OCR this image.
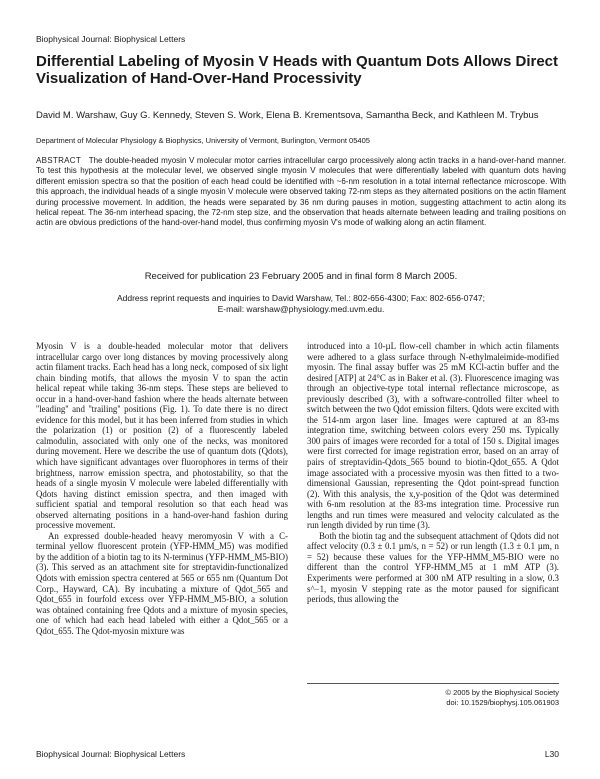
Biophysical Journal: Biophysical Letters
Differential Labeling of Myosin V Heads with Quantum Dots Allows Direct Visualization of Hand-Over-Hand Processivity
David M. Warshaw, Guy G. Kennedy, Steven S. Work, Elena B. Krementsova, Samantha Beck, and Kathleen M. Trybus
Department of Molecular Physiology & Biophysics, University of Vermont, Burlington, Vermont 05405
ABSTRACT The double-headed myosin V molecular motor carries intracellular cargo processively along actin tracks in a hand-over-hand manner. To test this hypothesis at the molecular level, we observed single myosin V molecules that were differentially labeled with quantum dots having different emission spectra so that the position of each head could be identified with ~6-nm resolution in a total internal reflectance microscope. With this approach, the individual heads of a single myosin V molecule were observed taking 72-nm steps as they alternated positions on the actin filament during processive movement. In addition, the heads were separated by 36 nm during pauses in motion, suggesting attachment to actin along its helical repeat. The 36-nm interhead spacing, the 72-nm step size, and the observation that heads alternate between leading and trailing positions on actin are obvious predictions of the hand-over-hand model, thus confirming myosin V's mode of walking along an actin filament.
Received for publication 23 February 2005 and in final form 8 March 2005.
Address reprint requests and inquiries to David Warshaw, Tel.: 802-656-4300; Fax: 802-656-0747;
E-mail: warshaw@physiology.med.uvm.edu.

Myosin V is a double-headed molecular motor that delivers intracellular cargo over long distances by moving processively along actin filament tracks. Each head has a long neck, composed of six light chain binding motifs, that allows the myosin V to span the actin helical repeat while taking 36-nm steps. These steps are believed to occur in a hand-over-hand fashion where the heads alternate between ''leading'' and ''trailing'' positions (Fig. 1). To date there is no direct evidence for this model, but it has been inferred from studies in which the polarization (1) or position (2) of a fluorescently labeled calmodulin, associated with only one of the necks, was monitored during movement. Here we describe the use of quantum dots (Qdots), which have significant advantages over fluorophores in terms of their brightness, narrow emission spectra, and photostability, so that the heads of a single myosin V molecule were labeled differentially with Qdots having distinct emission spectra, and then imaged with sufficient spatial and temporal resolution so that each head was observed alternating positions in a hand-over-hand fashion during processive movement.

An expressed double-headed heavy meromyosin V with a C-terminal yellow fluorescent protein (YFP-HMM_M5) was modified by the addition of a biotin tag to its N-terminus (YFP-HMM_M5-BIO) (3). This served as an attachment site for streptavidin-functionalized Qdots with emission spectra centered at 565 or 655 nm (Quantum Dot Corp., Hayward, CA). By incubating a mixture of Qdot_565 and Qdot_655 in fourfold excess over YFP-HMM_M5-BIO, a solution was obtained containing free Qdots and a mixture of myosin species, one of which had each head labeled with either a Qdot_565 or a Qdot_655. The Qdot-myosin mixture was

introduced into a 10-µL flow-cell chamber in which actin filaments were adhered to a glass surface through N-ethylmaleimide-modified myosin. The final assay buffer was 25 mM KCl-actin buffer and the desired [ATP] at 24°C as in Baker et al. (3). Fluorescence imaging was through an objective-type total internal reflectance microscope, as previously described (3), with a software-controlled filter wheel to switch between the two Qdot emission filters. Qdots were excited with the 514-nm argon laser line. Images were captured at an 83-ms integration time, switching between colors every 250 ms. Typically 300 pairs of images were recorded for a total of 150 s. Digital images were first corrected for image registration error, based on an array of pairs of streptavidin-Qdots_565 bound to biotin-Qdot_655. A Qdot image associated with a processive myosin was then fitted to a two-dimensional Gaussian, representing the Qdot point-spread function (2). With this analysis, the x,y-position of the Qdot was determined with 6-nm resolution at the 83-ms integration time. Processive run lengths and run times were measured and velocity calculated as the run length divided by run time (3).

Both the biotin tag and the subsequent attachment of Qdots did not affect velocity (0.3 ± 0.1 µm/s, n = 52) or run length (1.3 ± 0.1 µm, n = 52) because these values for the YFP-HMM_M5-BIO were no different than the control YFP-HMM_M5 at 1 mM ATP (3). Experiments were performed at 300 nM ATP resulting in a slow, 0.3 s^−1, myosin V stepping rate as the motor paused for significant periods, thus allowing the

© 2005 by the Biophysical Society
doi: 10.1529/biophysj.105.061903
Biophysical Journal: Biophysical Letters	L30
